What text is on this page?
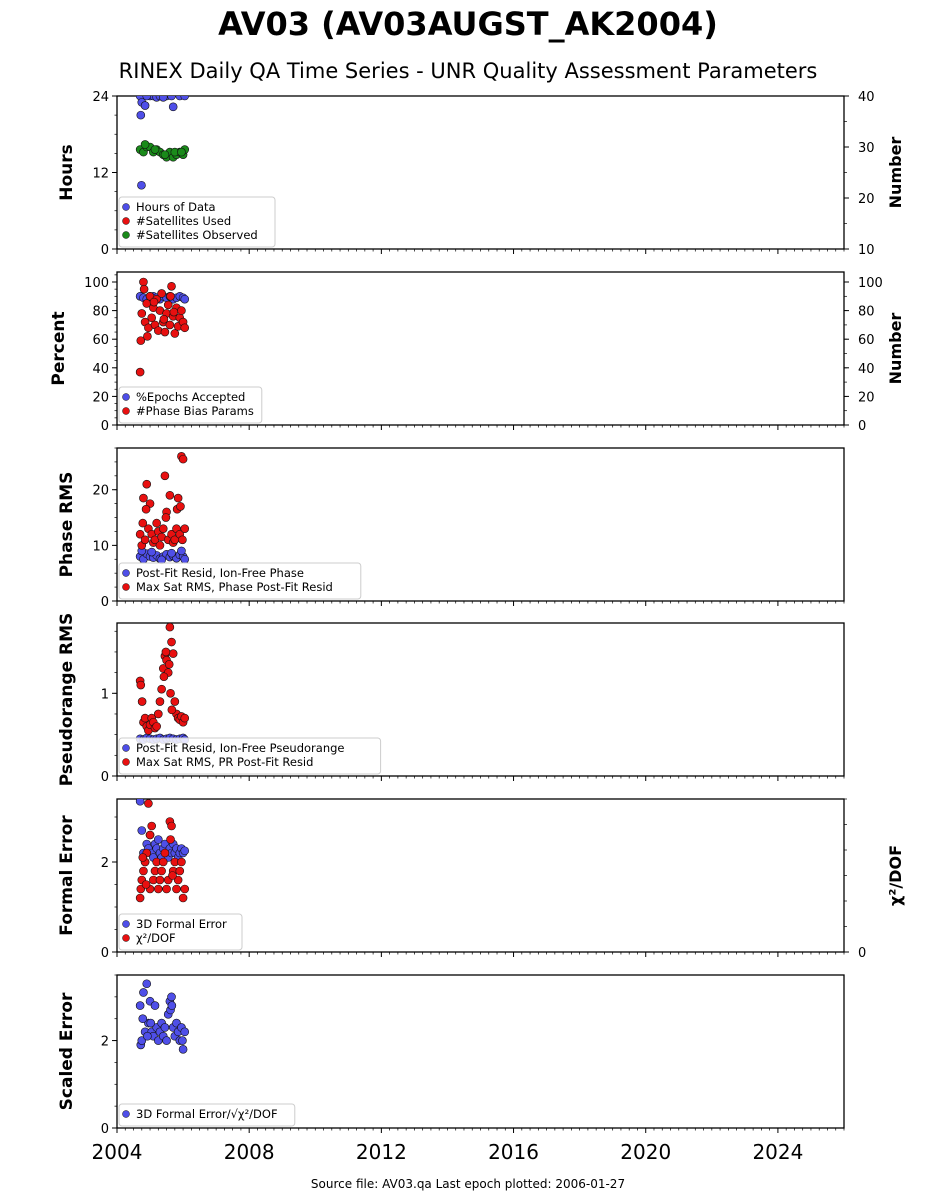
AV03 (AV03AUGST_AK2004)
RINEX Daily QA Time Series - UNR Quality Assessment Parameters
0
12
24
10
20
30
40
Number
Hours
Hours of Data
#Satellites Used
#Satellites Observed
0
20
40
60
80
100
0
20
40
60
80
100
Number
Percent
%Epochs Accepted
#Phase Bias Params
0
10
20
Phase RMS	Post-Fit Resid, Ion-Free Phase
Max Sat RMS, Phase Post-Fit Resid
0
1
Pseudorange RMS	Post-Fit Resid, Ion-Free Pseudorange
Max Sat RMS, PR Post-Fit Resid
0
2
0
χ²/DOF
Formal Error	3D Formal Error
χ²/DOF
0
2
Scaled Error
3D Formal Error/√χ²/DOF
2004	2008	2012	2016	2020	2024
Source file: AV03.qa Last epoch plotted: 2006-01-27
